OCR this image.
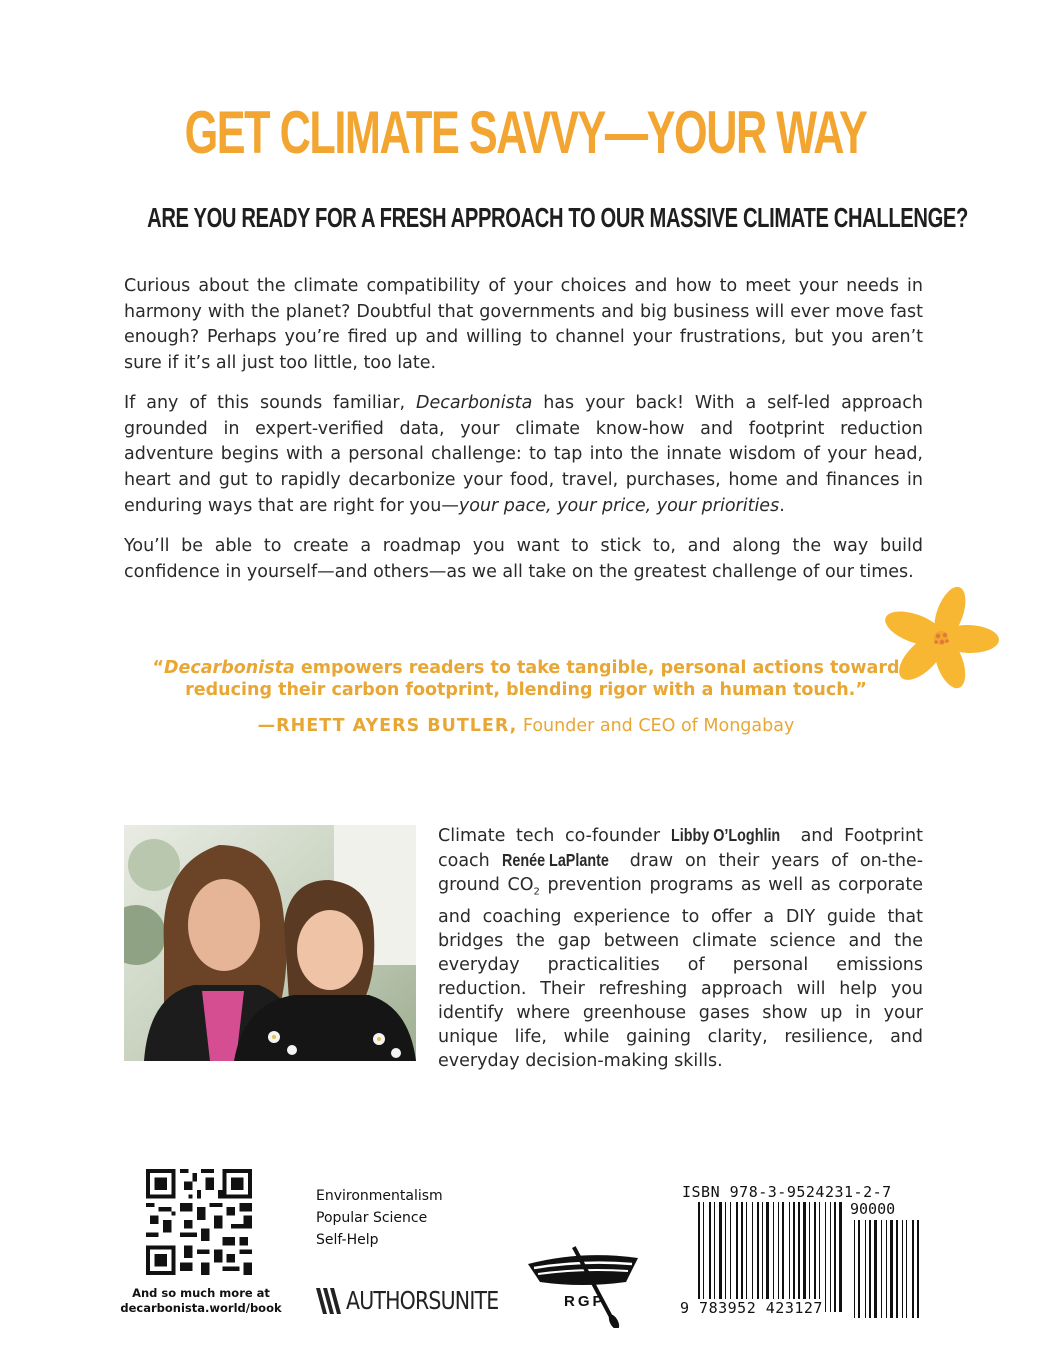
GET CLIMATE SAVVY—YOUR WAY
ARE YOU READY FOR A FRESH APPROACH TO OUR MASSIVE CLIMATE CHALLENGE?

Curious about the climate compatibility of your choices and how to meet your needs in harmony with the planet? Doubtful that governments and big business will ever move fast enough? Perhaps you’re fired up and willing to channel your frustrations, but you aren’t sure if it’s all just too little, too late.

If any of this sounds familiar, Decarbonista has your back! With a self-led approach grounded in expert-verified data, your climate know-how and footprint reduction adventure begins with a personal challenge: to tap into the innate wisdom of your head, heart and gut to rapidly decarbonize your food, travel, purchases, home and finances in enduring ways that are right for you—your pace, your price, your priorities.

You’ll be able to create a roadmap you want to stick to, and along the way build confidence in yourself—and others—as we all take on the greatest challenge of our times.

“Decarbonista empowers readers to take tangible, personal actions toward reducing their carbon footprint, blending rigor with a human touch.”

—RHETT AYERS BUTLER, Founder and CEO of Mongabay

Climate tech co-founder Libby O’Loghlin and Footprint coach Renée LaPlante draw on their years of on-the-ground $CO_2$ prevention programs as well as corporate and coaching experience to offer a DIY guide that bridges the gap between climate science and the everyday practicalities of personal emissions reduction. Their refreshing approach will help you identify where greenhouse gases show up in your unique life, while gaining clarity, resilience, and everyday decision-making skills.

And so much more at
decarbonista.world/book
Environmentalism
Popular Science
Self-Help
AUTHORSUNITE	RGP
ISBN 978-3-9524231-2-7
90000
9 783952 423127
